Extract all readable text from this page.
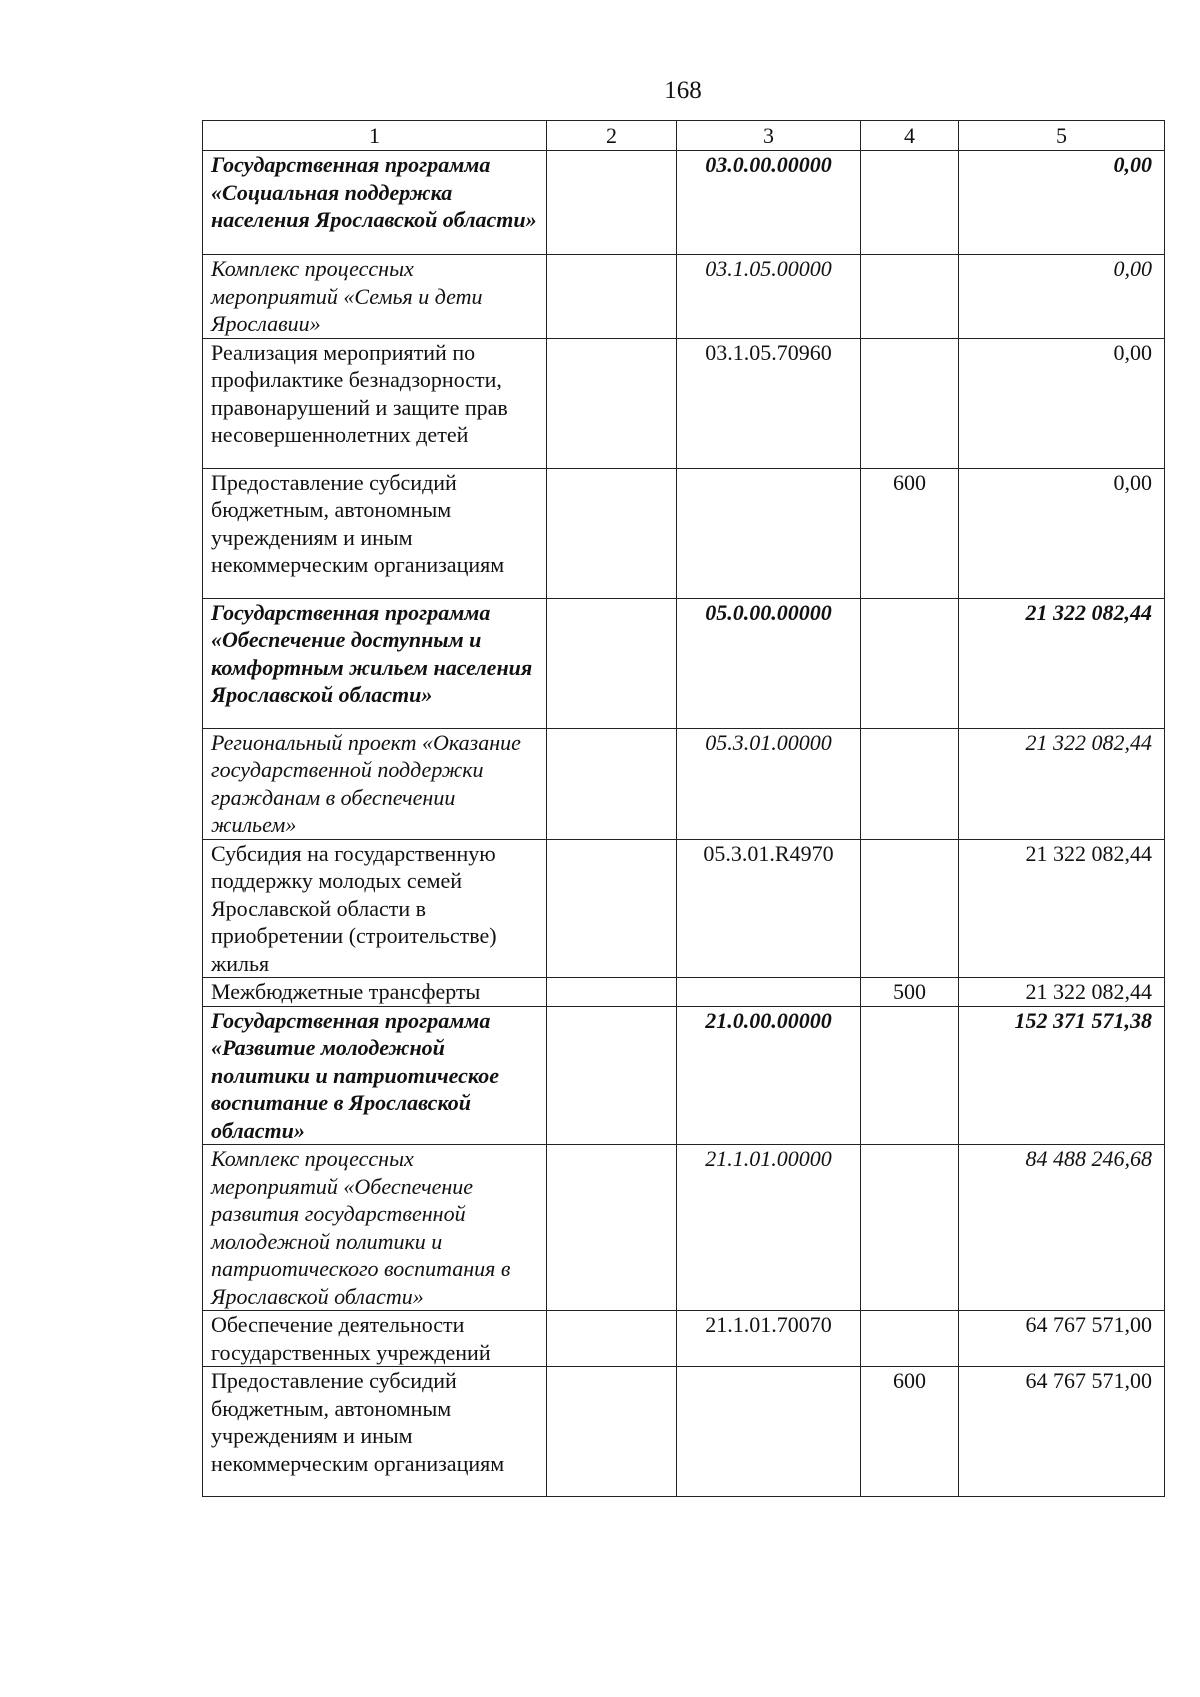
168
1	2	3	4	5
Государственная программа «Социальная поддержка населения Ярославской области»		03.0.00.00000		0,00
Комплекс процессных мероприятий «Семья и дети Ярославии»		03.1.05.00000		0,00
Реализация мероприятий по профилактике безнадзорности, правонарушений и защите прав несовершеннолетних детей		03.1.05.70960		0,00
Предоставление субсидий бюджетным, автономным учреждениям и иным некоммерческим организациям			600	0,00
Государственная программа «Обеспечение доступным и комфортным жильем населения Ярославской области»		05.0.00.00000		21 322 082,44
Региональный проект «Оказание государственной поддержки гражданам в обеспечении жильем»		05.3.01.00000		21 322 082,44
Субсидия на государственную поддержку молодых семей Ярославской области в приобретении (строительстве) жилья		05.3.01.R4970		21 322 082,44
Межбюджетные трансферты			500	21 322 082,44
Государственная программа «Развитие молодежной политики и патриотическое воспитание в Ярославской области»		21.0.00.00000		152 371 571,38
Комплекс процессных мероприятий «Обеспечение развития государственной молодежной политики и патриотического воспитания в Ярославской области»		21.1.01.00000		84 488 246,68
Обеспечение деятельности государственных учреждений		21.1.01.70070		64 767 571,00
Предоставление субсидий бюджетным, автономным учреждениям и иным некоммерческим организациям			600	64 767 571,00
